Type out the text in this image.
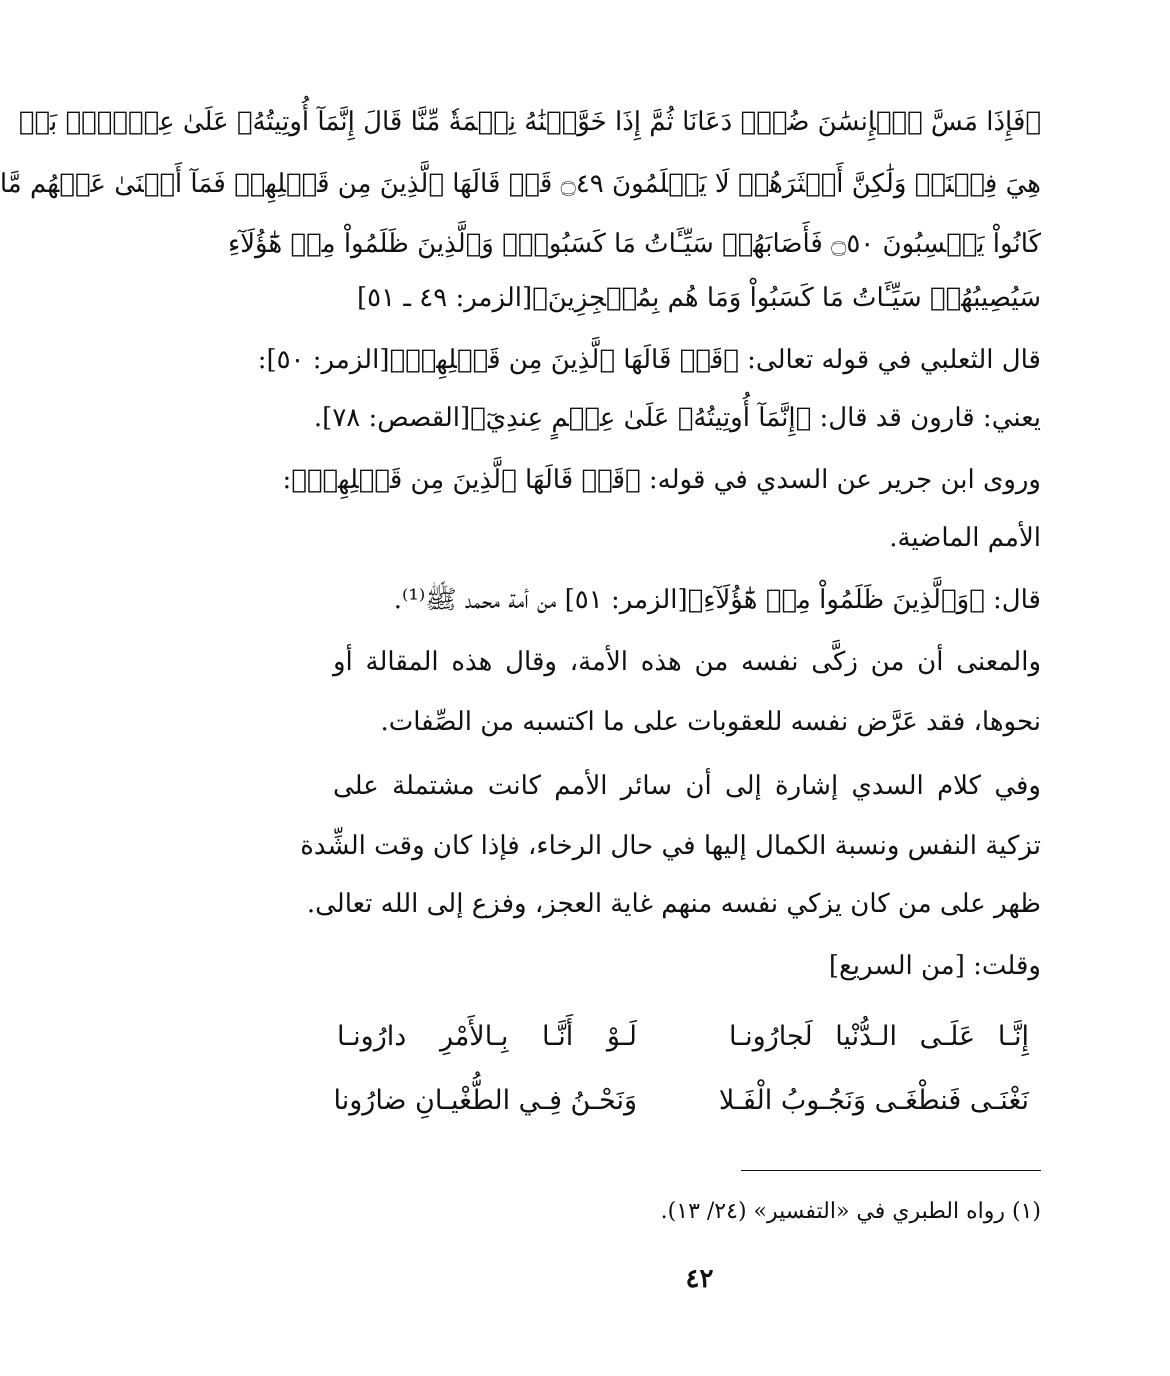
﴿فَإِذَا مَسَّ ٱلۡإِنسَٰنَ ضُرّٞ دَعَانَا ثُمَّ إِذَا خَوَّلۡنَٰهُ نِعۡمَةٗ مِّنَّا قَالَ إِنَّمَآ أُوتِيتُهُۥ عَلَىٰ عِلۡمِۭۚ بَلۡ
هِيَ فِتۡنَةٞ وَلَٰكِنَّ أَكۡثَرَهُمۡ لَا يَعۡلَمُونَ ۝٤٩ قَدۡ قَالَهَا ٱلَّذِينَ مِن قَبۡلِهِمۡ فَمَآ أَغۡنَىٰ عَنۡهُم مَّا
كَانُواْ يَكۡسِبُونَ ۝٥٠ فَأَصَابَهُمۡ سَيِّـَٔاتُ مَا كَسَبُواْۚ وَٱلَّذِينَ ظَلَمُواْ مِنۡ هَٰٓؤُلَآءِ
سَيُصِيبُهُمۡ سَيِّـَٔاتُ مَا كَسَبُواْ وَمَا هُم بِمُعۡجِزِينَ﴾[الزمر: ٤٩ ـ ٥١]
قال الثعلبي في قوله تعالى: ﴿قَدۡ قَالَهَا ٱلَّذِينَ مِن قَبۡلِهِمۡ﴾[الزمر: ٥٠]:
يعني: قارون قد قال: ﴿إِنَّمَآ أُوتِيتُهُۥ عَلَىٰ عِلۡمٍ عِندِيٓ﴾[القصص: ٧٨].
وروى ابن جرير عن السدي في قوله: ﴿قَدۡ قَالَهَا ٱلَّذِينَ مِن قَبۡلِهِمۡ﴾:
الأمم الماضية.
قال: ﴿وَٱلَّذِينَ ظَلَمُواْ مِنۡ هَٰٓؤُلَآءِ﴾[الزمر: ٥١] من أمة محمد ﷺ⁽¹⁾.
والمعنى أن من زكَّى نفسه من هذه الأمة، وقال هذه المقالة أو
نحوها، فقد عَرَّض نفسه للعقوبات على ما اكتسبه من الصِّفات.
وفي كلام السدي إشارة إلى أن سائر الأمم كانت مشتملة على
تزكية النفس ونسبة الكمال إليها في حال الرخاء، فإذا كان وقت الشِّدة
ظهر على من كان يزكي نفسه منهم غاية العجز، وفزع إلى الله تعالى.
وقلت: [من السريع]
إِنَّـا عَلَـى الـدُّنْيا لَجارُونـا
لَـوْ أَنَّـا بِـالأَمْرِ دارُونـا
نَغْنَـى فَنطْغَـى وَنَجُـوبُ الْفَـلا
وَنَحْـنُ فِـي الطُّغْيـانِ ضارُونا
(١) رواه الطبري في «التفسير» (٢٤/ ١٣).
٤٢
